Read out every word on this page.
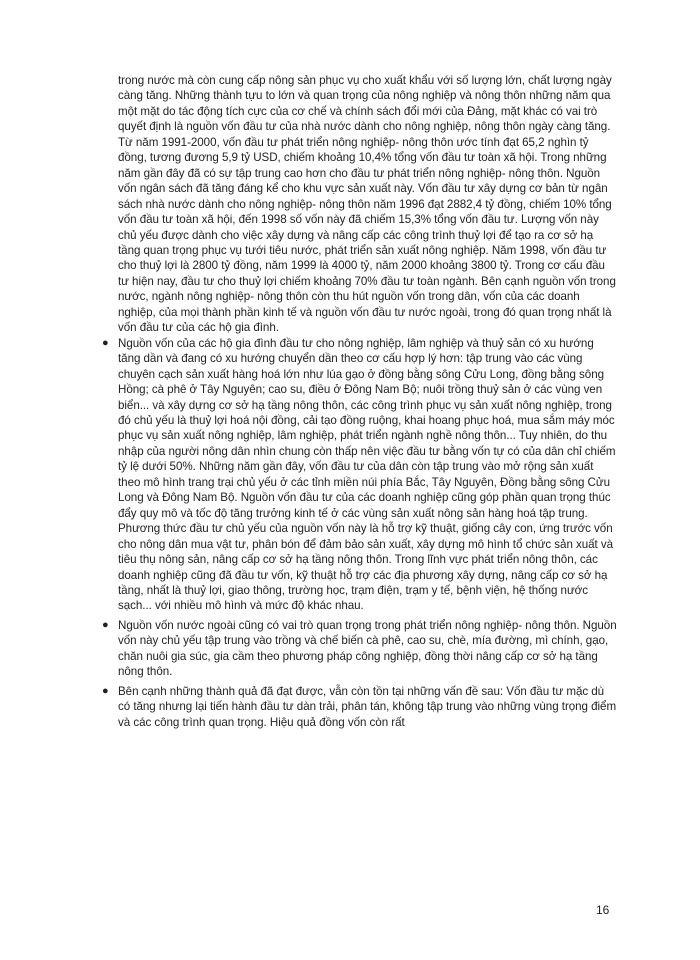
trong nước mà còn cung cấp nông sản phục vụ cho xuất khẩu với số lượng lớn, chất lượng ngày càng tăng. Những thành tựu to lớn và quan trọng của nông nghiệp và nông thôn những năm qua một mặt do tác động tích cực của cơ chế và chính sách đổi mới của Đảng, mặt khác có vai trò quyết định là nguồn vốn đầu tư của nhà nước dành cho nông nghiệp, nông thôn ngày càng tăng. Từ năm 1991-2000, vốn đầu tư phát triển nông nghiệp- nông thôn ước tính đạt 65,2 nghìn tỷ đồng, tương đương 5,9 tỷ USD, chiếm khoảng 10,4% tổng vốn đầu tư toàn xã hội. Trong những năm gần đây đã có sự tập trung cao hơn cho đầu tư phát triển nông nghiệp- nông thôn. Nguồn vốn ngân sách đã tăng đáng kể cho khu vực sản xuất này. Vốn đầu tư xây dựng cơ bản từ ngân sách nhà nước dành cho nông nghiệp- nông thôn năm 1996 đạt 2882,4 tỷ đồng, chiếm 10% tổng vốn đầu tư toàn xã hội, đến 1998 số vốn này đã chiếm 15,3% tổng vốn đầu tư. Lượng vốn này chủ yếu được dành cho việc xây dựng và nâng cấp các công trình thuỷ lợi để tạo ra cơ sở hạ tầng quan trọng phục vụ tưới tiêu nước, phát triển sản xuất nông nghiệp. Năm 1998, vốn đầu tư cho thuỷ lợi là 2800 tỷ đồng, năm 1999 là 4000 tỷ, năm 2000 khoảng 3800 tỷ. Trong cơ cấu đầu tư hiện nay, đầu tư cho thuỷ lợi chiếm khoảng 70% đầu tư toàn ngành. Bên cạnh nguồn vốn trong nước, ngành nông nghiệp- nông thôn còn thu hút nguồn vốn trong dân, vốn của các doanh nghiệp, của mọi thành phần kinh tế và nguồn vốn đầu tư nước ngoài, trong đó quan trọng nhất là vốn đầu tư của các hộ gia đình.

● Nguồn vốn của các hộ gia đình đầu tư cho nông nghiệp, lâm nghiệp và thuỷ sản có xu hướng tăng dần và đang có xu hướng chuyển dần theo cơ cấu hợp lý hơn: tập trung vào các vùng chuyên cạch sản xuất hàng hoá lớn như lúa gạo ở đồng bằng sông Cửu Long, đồng bằng sông Hồng; cà phê ở Tây Nguyên; cao su, điều ở Đông Nam Bộ; nuôi trồng thuỷ sản ở các vùng ven biển... và xây dựng cơ sở hạ tầng nông thôn, các công trình phục vụ sản xuất nông nghiệp, trong đó chủ yếu là thuỷ lợi hoá nội đồng, cải tạo đồng ruộng, khai hoang phục hoá, mua sắm máy móc phục vụ sản xuất nông nghiệp, lâm nghiệp, phát triển ngành nghề nông thôn... Tuy nhiên, do thu nhập của người nông dân nhìn chung còn thấp nên việc đầu tư bằng vốn tự có của dân chỉ chiếm tỷ lệ dưới 50%. Những năm gần đây, vốn đầu tư của dân còn tập trung vào mở rộng sản xuất theo mô hình trang trại chủ yếu ở các tỉnh miền núi phía Bắc, Tây Nguyên, Đồng bằng sông Cửu Long và Đông Nam Bộ. Nguồn vốn đầu tư của các doanh nghiệp cũng góp phần quan trọng thúc đẩy quy mô và tốc độ tăng trưởng kinh tế ở các vùng sản xuất nông sản hàng hoá tập trung. Phương thức đầu tư chủ yếu của nguồn vốn này là hỗ trợ kỹ thuật, giống cây con, ứng trước vốn cho nông dân mua vật tư, phân bón để đảm bảo sản xuất, xây dựng mô hình tổ chức sản xuất và tiêu thụ nông sản, nâng cấp cơ sở hạ tầng nông thôn. Trong lĩnh vực phát triển nông thôn, các doanh nghiệp cũng đã đầu tư vốn, kỹ thuật hỗ trợ các địa phương xây dựng, nâng cấp cơ sở hạ tầng, nhất là thuỷ lợi, giao thông, trường học, trạm điện, trạm y tế, bệnh viện, hệ thống nước sạch... với nhiều mô hình và mức độ khác nhau.
● Nguồn vốn nước ngoài cũng có vai trò quan trọng trong phát triển nông nghiệp- nông thôn. Nguồn vốn này chủ yếu tập trung vào trồng và chế biến cà phê, cao su, chè, mía đường, mì chính, gạo, chăn nuôi gia súc, gia cầm theo phương pháp công nghiệp, đồng thời nâng cấp cơ sở hạ tầng nông thôn.
● Bên cạnh những thành quả đã đạt được, vẫn còn tồn tại những vấn đề sau: Vốn đầu tư mặc dù có tăng nhưng lại tiến hành đầu tư dàn trải, phân tán, không tập trung vào những vùng trọng điểm và các công trình quan trọng. Hiệu quả đồng vốn còn rất
16
